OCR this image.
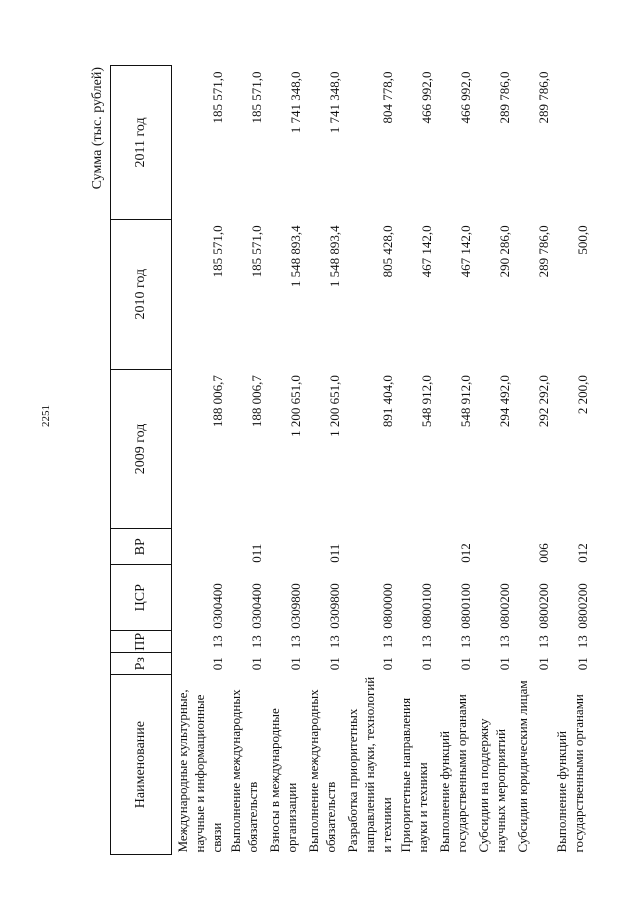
2251
Сумма (тыс. рублей)
Наименование	Рз	ПР	ЦСР	ВР	2009 год	2010 год	2011 год
Международные культурные, научные и информационные связи	01	13	0300400		188 006,7	185 571,0	185 571,0
Выполнение международных обязательств	01	13	0300400	011	188 006,7	185 571,0	185 571,0
Взносы в международные организации	01	13	0309800		1 200 651,0	1 548 893,4	1 741 348,0
Выполнение международных обязательств	01	13	0309800	011	1 200 651,0	1 548 893,4	1 741 348,0
Разработка приоритетных направлений науки, технологий и техники	01	13	0800000		891 404,0	805 428,0	804 778,0
Приоритетные направления науки и техники	01	13	0800100		548 912,0	467 142,0	466 992,0
Выполнение функций государственными органами	01	13	0800100	012	548 912,0	467 142,0	466 992,0
Субсидии на поддержку научных мероприятий	01	13	0800200		294 492,0	290 286,0	289 786,0
Субсидии юридическим лицам	01	13	0800200	006	292 292,0	289 786,0	289 786,0
Выполнение функций государственными органами	01	13	0800200	012	2 200,0	500,0	
